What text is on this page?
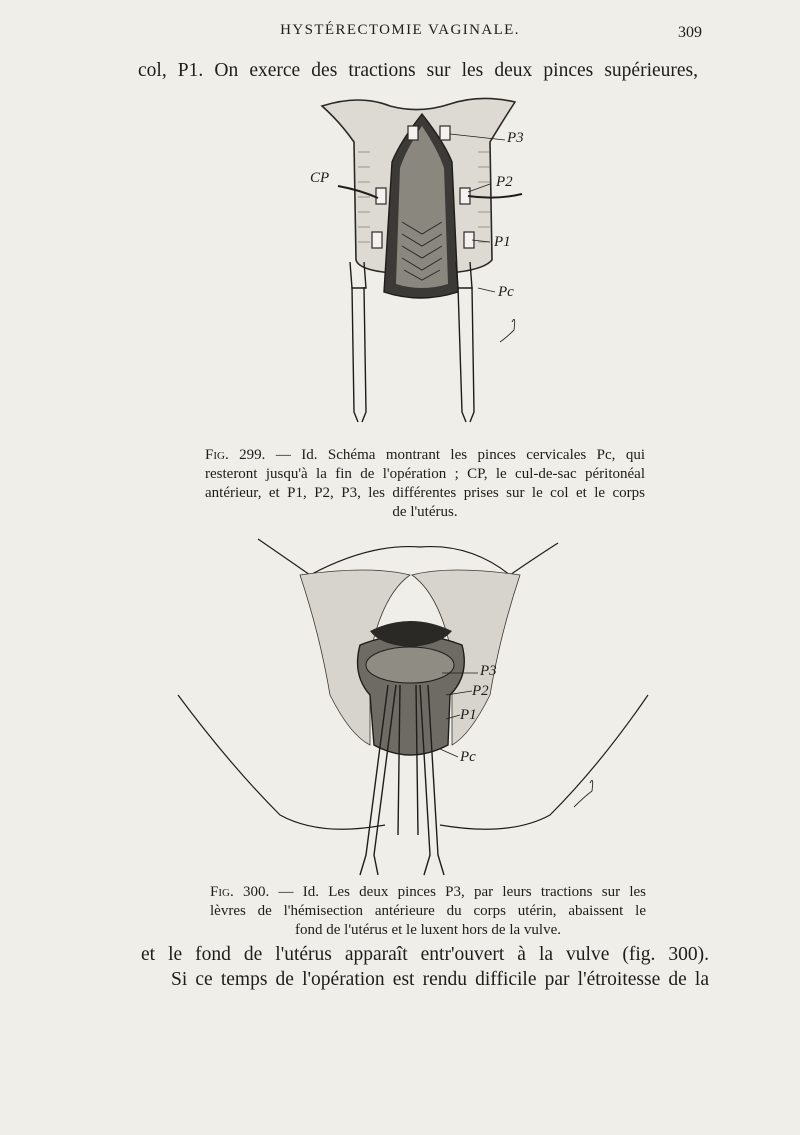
HYSTÉRECTOMIE VAGINALE.	309
col, P1. On exerce des tractions sur les deux pinces supérieures,
CP
P3
P2
P1
Pc
Fig. 299. — Id. Schéma montrant les pinces cervicales Pc, qui
resteront jusqu'à la fin de l'opération ; CP, le cul-de-sac péritonéal
antérieur, et P1, P2, P3, les différentes prises sur le col et le corps
de l'utérus.
P3
P2
P1
Pc
Fig. 300. — Id. Les deux pinces P3, par leurs tractions sur les
lèvres de l'hémisection antérieure du corps utérin, abaissent le
fond de l'utérus et le luxent hors de la vulve.
et le fond de l'utérus apparaît entr'ouvert à la vulve (fig. 300).
Si ce temps de l'opération est rendu difficile par l'étroitesse de la
